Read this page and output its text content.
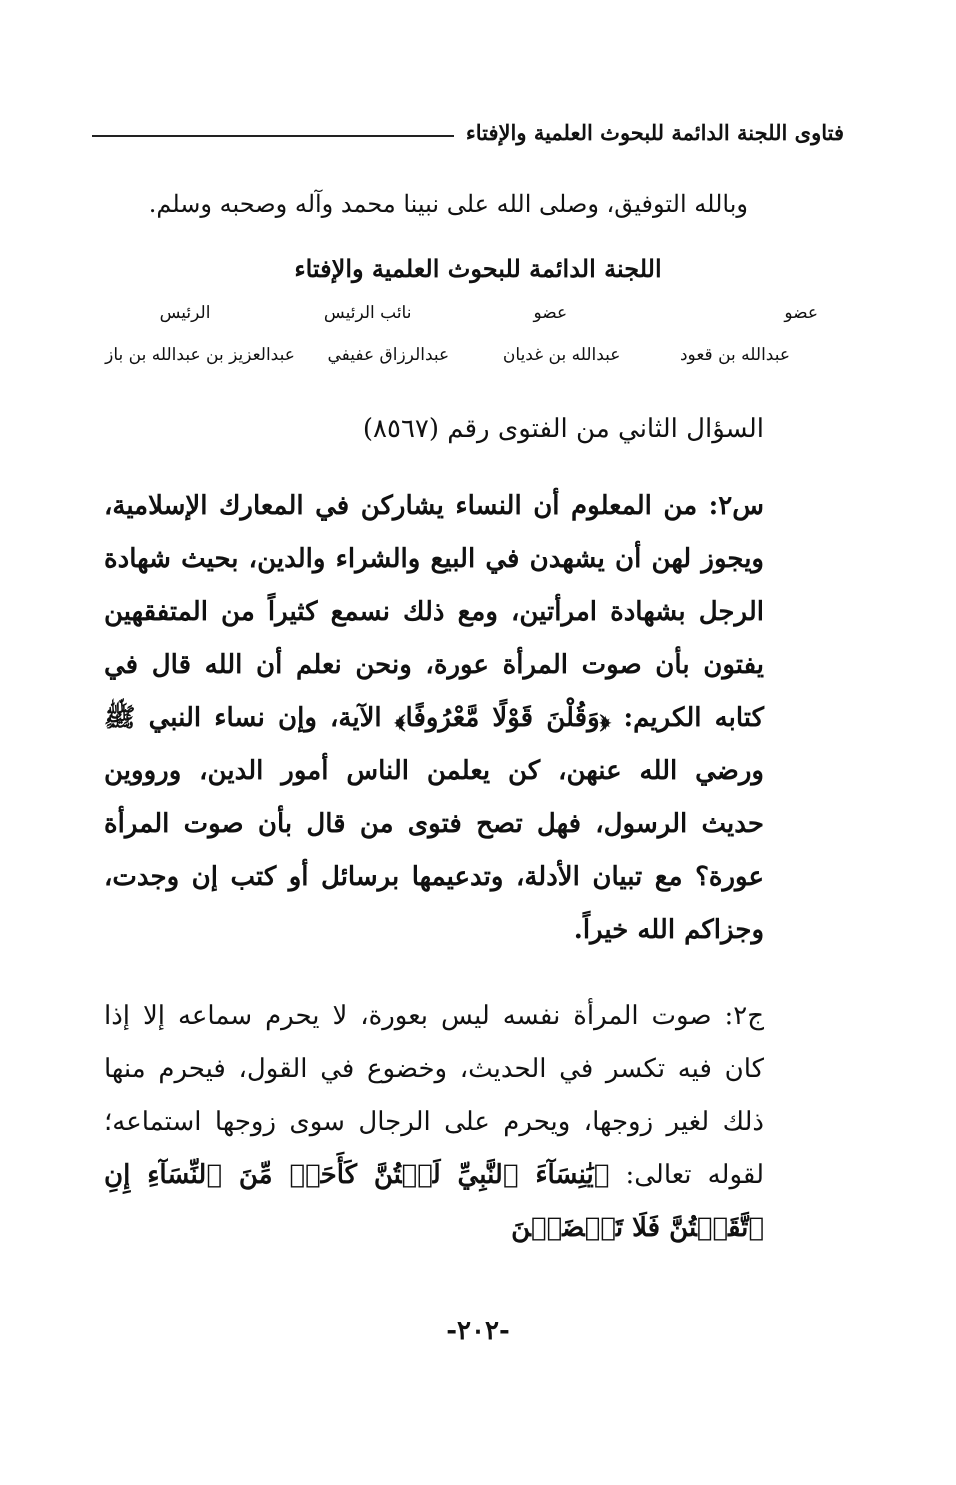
فتاوى اللجنة الدائمة للبحوث العلمية والإفتاء
وبالله التوفيق، وصلى الله على نبينا محمد وآله وصحبه وسلم.
اللجنة الدائمة للبحوث العلمية والإفتاء
عضو
عضو
نائب الرئيس
الرئيس
عبدالله بن قعود
عبدالله بن غديان
عبدالرزاق عفيفي
عبدالعزيز بن عبدالله بن باز
السؤال الثاني من الفتوى رقم (٨٥٦٧)
س٢: من المعلوم أن النساء يشاركن في المعارك الإسلامية، ويجوز لهن أن يشهدن في البيع والشراء والدين، بحيث شهادة الرجل بشهادة امرأتين، ومع ذلك نسمع كثيراً من المتفقهين يفتون بأن صوت المرأة عورة، ونحن نعلم أن الله قال في كتابه الكريم: ﴿وَقُلْنَ قَوْلًا مَّعْرُوفًا﴾ الآية، وإن نساء النبي ﷺ ورضي الله عنهن، كن يعلمن الناس أمور الدين، ورووين حديث الرسول، فهل تصح فتوى من قال بأن صوت المرأة عورة؟ مع تبيان الأدلة، وتدعيمها برسائل أو كتب إن وجدت، وجزاكم الله خيراً.
ج٢: صوت المرأة نفسه ليس بعورة، لا يحرم سماعه إلا إذا كان فيه تكسر في الحديث، وخضوع في القول، فيحرم منها ذلك لغير زوجها، ويحرم على الرجال سوى زوجها استماعه؛ لقوله تعالى: ﴿يَٰنِسَآءَ ٱلنَّبِيِّ لَسۡتُنَّ كَأَحَدٖ مِّنَ ٱلنِّسَآءِ إِنِ ٱتَّقَيۡتُنَّ فَلَا تَخۡضَعۡنَ
-٢٠٢-
